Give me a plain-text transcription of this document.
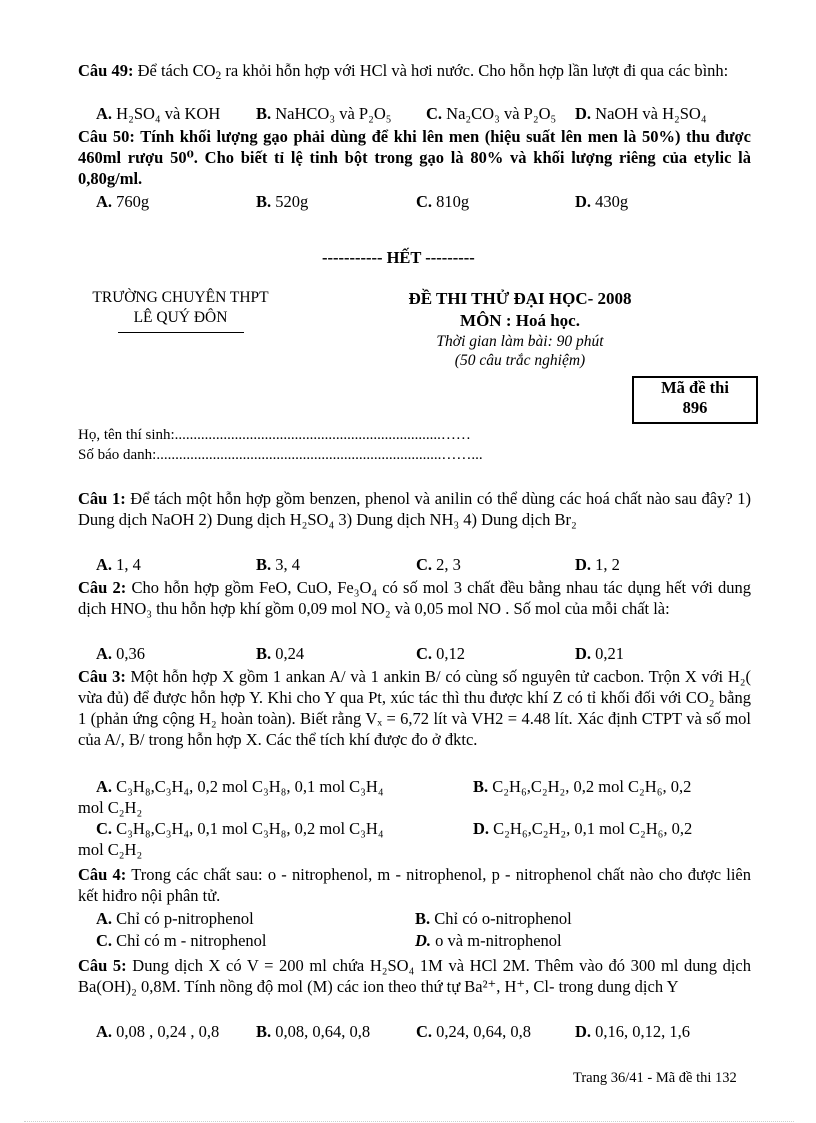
Câu 49: Để tách $CO_2$ ra khỏi hỗn hợp với HCl và hơi nước. Cho hỗn hợp lần lượt đi qua các bình:
A. H₂SO₄ và KOH B. NaHCO₃ và P₂O₅ C. Na₂CO₃ và P₂O₅ D. NaOH và H₂SO₄
Câu 50: Tính khối lượng gạo phải dùng để khi lên men (hiệu suất lên men là 50%) thu được 460ml rượu 50⁰. Cho biết tỉ lệ tinh bột trong gạo là 80% và khối lượng riêng của etylic là 0,80g/ml.
A. 760g	B. 520g	C. 810g	D. 430g
----------- HẾT ---------
TRƯỜNG CHUYÊN THPT
LÊ QUÝ ĐÔN
ĐỀ THI THỬ ĐẠI HỌC- 2008
MÔN : Hoá học.
Thời gian làm bài: 90 phút
(50 câu trắc nghiệm)
Mã đề thi
896
Họ, tên thí sinh:.......................................................................……
Số báo danh:............................................................................……...
Câu 1: Để tách một hỗn hợp gồm benzen, phenol và anilin có thể dùng các hoá chất nào sau đây? 1) Dung dịch NaOH 2) Dung dịch H₂SO₄ 3) Dung dịch NH₃ 4) Dung dịch Br₂
A. 1, 4	B. 3, 4	C. 2, 3	D. 1, 2
Câu 2: Cho hỗn hợp gồm FeO, CuO, Fe₃O₄ có số mol 3 chất đều bằng nhau tác dụng hết với dung dịch HNO₃ thu hỗn hợp khí gồm 0,09 mol NO₂ và 0,05 mol NO . Số mol của mỗi chất là:
A. 0,36	B. 0,24	C. 0,12	D. 0,21
Câu 3: Một hỗn hợp X gồm 1 ankan A/ và 1 ankin B/ có cùng số nguyên tử cacbon. Trộn X với H₂( vừa đủ) để được hỗn hợp Y. Khi cho Y qua Pt, xúc tác thì thu được khí Z có tỉ khối đối với CO₂ bằng 1 (phản ứng cộng H₂ hoàn toàn). Biết rằng Vₓ = 6,72 lít và VH2 = 4.48 lít. Xác định CTPT và số mol của A/, B/ trong hỗn hợp X. Các thể tích khí được đo ở đktc.
A. C₃H₈,C₃H₄, 0,2 mol C₃H₈, 0,1 mol C₃H₄	B. C₂H₆,C₂H₂, 0,2 mol C₂H₆, 0,2
mol C₂H₂
C. C₃H₈,C₃H₄, 0,1 mol C₃H₈, 0,2 mol C₃H₄	D. C₂H₆,C₂H₂, 0,1 mol C₂H₆, 0,2
mol C₂H₂
Câu 4: Trong các chất sau: o - nitrophenol, m - nitrophenol, p - nitrophenol chất nào cho được liên kết hiđro nội phân tử.
A. Chỉ có p-nitrophenol	B. Chỉ có o-nitrophenol
C. Chỉ có m - nitrophenol	D. o và m-nitrophenol
Câu 5: Dung dịch X có V = 200 ml chứa H₂SO₄ 1M và HCl 2M. Thêm vào đó 300 ml dung dịch Ba(OH)₂ 0,8M. Tính nồng độ mol (M) các ion theo thứ tự Ba²⁺, H⁺, Cl- trong dung dịch Y
A. 0,08 , 0,24 , 0,8 B. 0,08, 0,64, 0,8	C. 0,24, 0,64, 0,8	D. 0,16, 0,12, 1,6
Trang 36/41 - Mã đề thi 132
